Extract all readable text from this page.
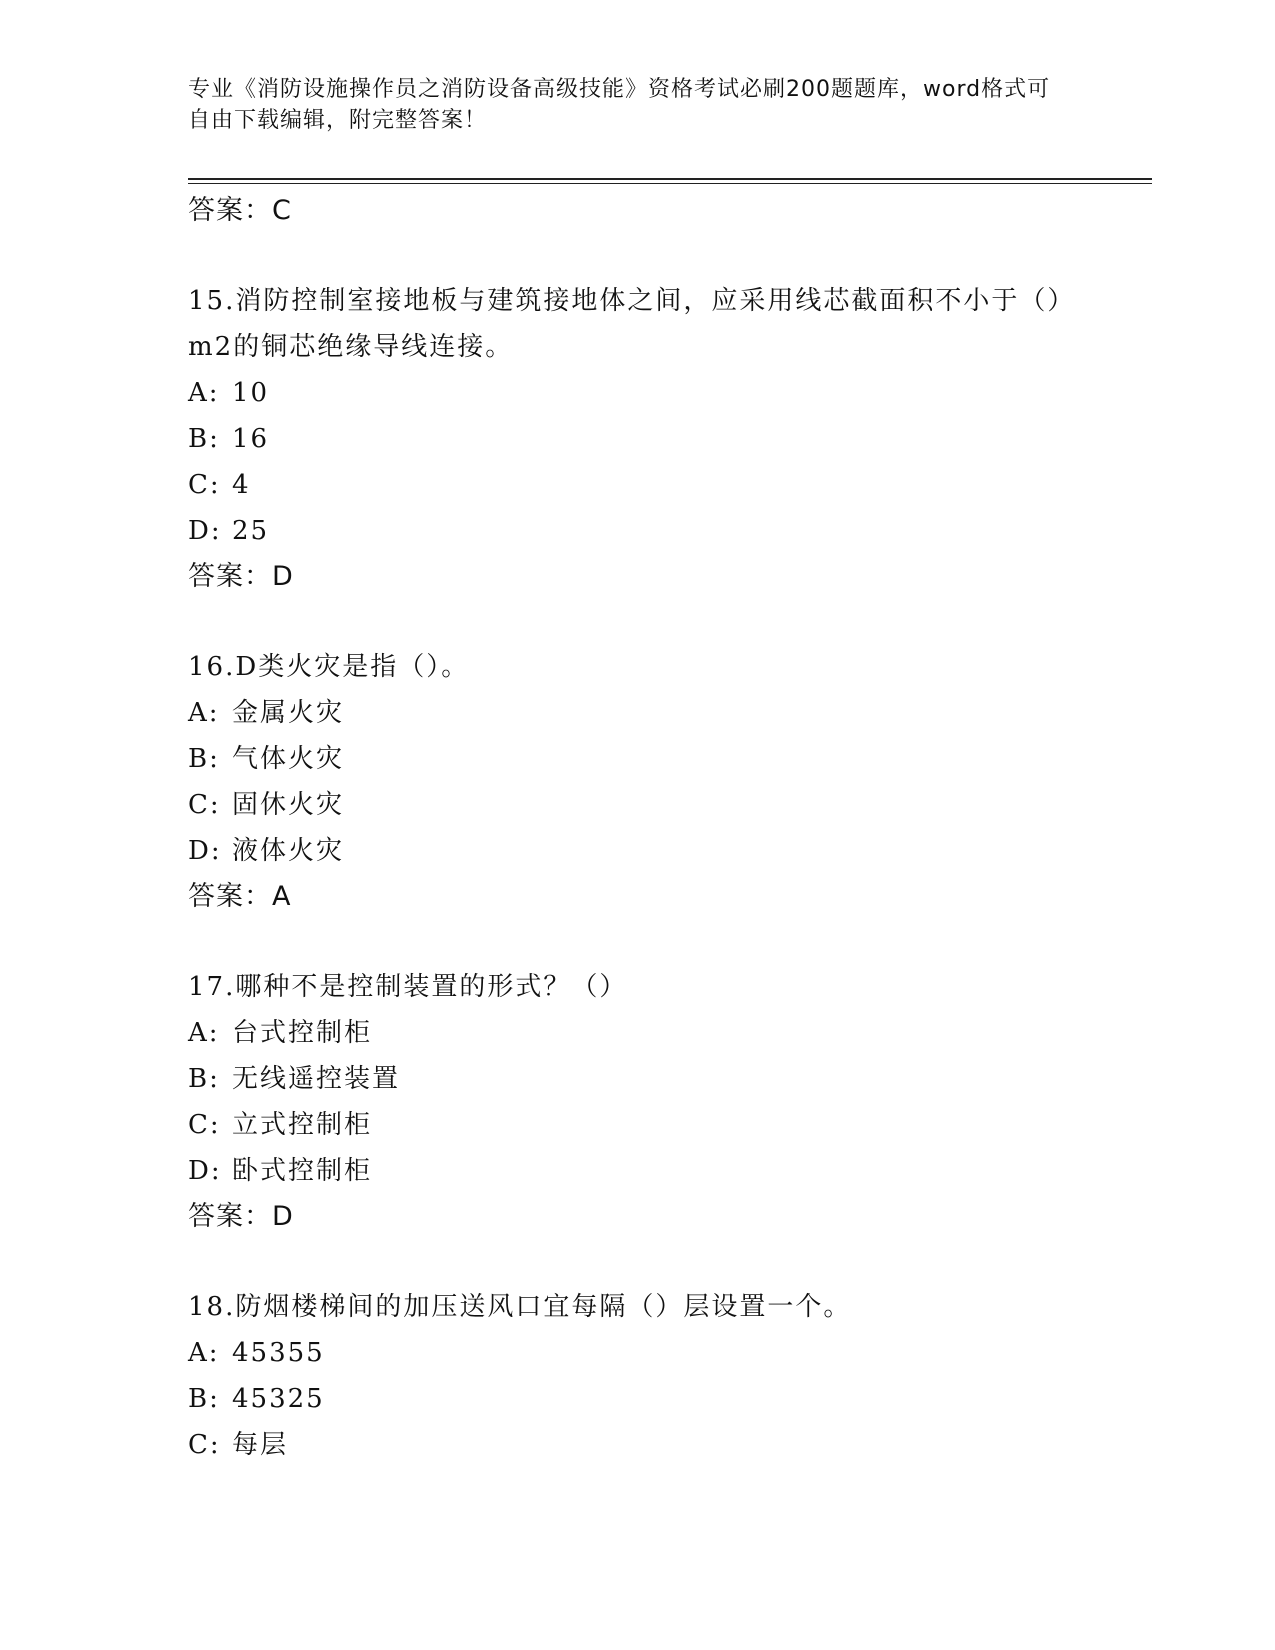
专业《消防设施操作员之消防设备高级技能》资格考试必刷200题题库，word格式可自由下载编辑，附完整答案！
答案：C
15.消防控制室接地板与建筑接地体之间，应采用线芯截面积不小于（）m2的铜芯绝缘导线连接。
A: 10
B: 16
C: 4
D: 25
答案：D
16.D类火灾是指（）。
A: 金属火灾
B: 气体火灾
C: 固休火灾
D: 液体火灾
答案：A
17.哪种不是控制装置的形式？（）
A: 台式控制柜
B: 无线遥控装置
C: 立式控制柜
D: 卧式控制柜
答案：D
18.防烟楼梯间的加压送风口宜每隔（）层设置一个。
A: 45355
B: 45325
C: 每层
